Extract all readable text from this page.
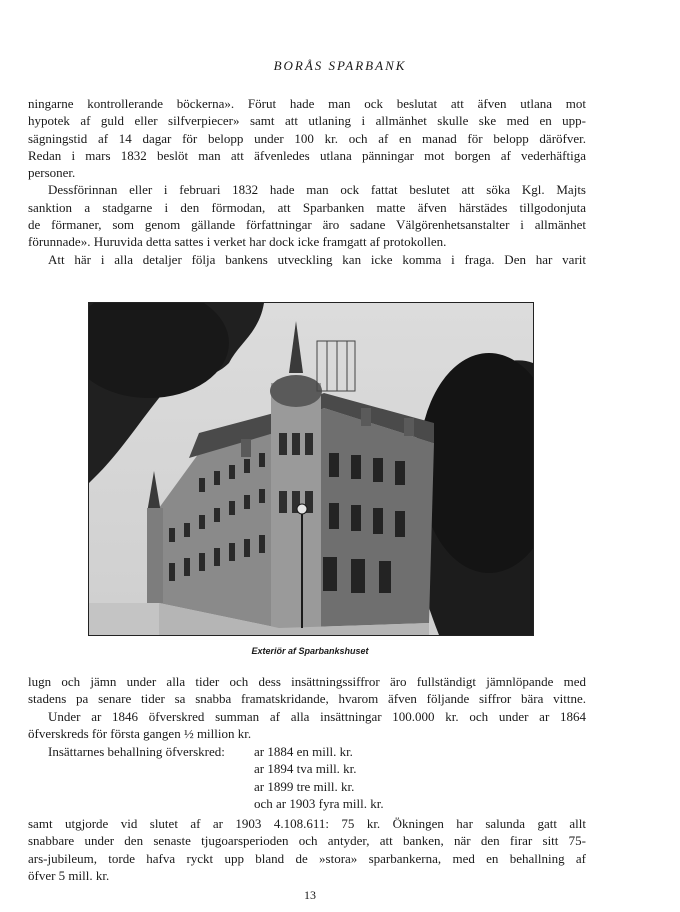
BORÅS SPARBANK
ningarne kontrollerande böckerna». Förut hade man ock beslutat att äfven utlana mot
hypotek af guld eller silfverpiecer» samt att utlaning i allmänhet skulle ske med en upp-
sägningstid af 14 dagar för belopp under 100 kr. och af en manad för belopp däröfver.
Redan i mars 1832 beslöt man att äfvenledes utlana pänningar mot borgen af vederhäftiga
personer.
Dessförinnan eller i februari 1832 hade man ock fattat beslutet att söka Kgl. Majts
sanktion a stadgarne i den förmodan, att Sparbanken matte äfven härstädes tillgodonjuta
de förmaner, som genom gällande författningar äro sadane Välgörenhetsanstalter i allmänhet
förunnade». Huruvida detta sattes i verket har dock icke framgatt af protokollen.
Att här i alla detaljer följa bankens utveckling kan icke komma i fraga. Den har varit
Exteriör af Sparbankshuset
lugn och jämn under alla tider och dess insättningssiffror äro fullständigt jämnlöpande med
stadens pa senare tider sa snabba framatskridande, hvarom äfven följande siffror bära vittne.
Under ar 1846 öfverskred summan af alla insättningar 100.000 kr. och under ar 1864
öfverskreds för första gangen ½ million kr.
Insättarnes behallning öfverskred: ar 1884 en mill. kr.
ar 1894 tva mill. kr.
ar 1899 tre mill. kr.
och ar 1903 fyra mill. kr.
samt utgjorde vid slutet af ar 1903 4.108.611: 75 kr. Ökningen har salunda gatt allt
snabbare under den senaste tjugoarsperioden och antyder, att banken, när den firar sitt 75-
ars-jubileum, torde hafva ryckt upp bland de »stora» sparbankerna, med en behallning af
öfver 5 mill. kr.
13
